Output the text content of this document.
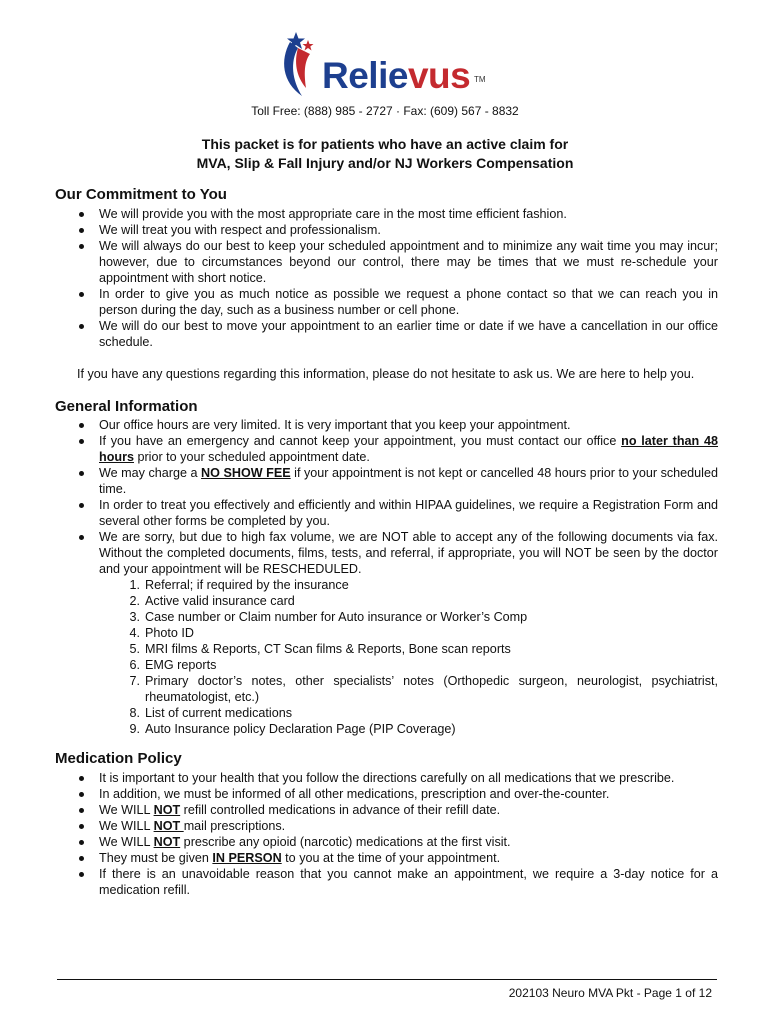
Relievus TM
Toll Free: (888) 985 - 2727 · Fax: (609) 567 - 8832
This packet is for patients who have an active claim for
MVA, Slip & Fall Injury and/or NJ Workers Compensation
Our Commitment to You
We will provide you with the most appropriate care in the most time efficient fashion.
We will treat you with respect and professionalism.
We will always do our best to keep your scheduled appointment and to minimize any wait time you may incur; however, due to circumstances beyond our control, there may be times that we must re-schedule your appointment with short notice.
In order to give you as much notice as possible we request a phone contact so that we can reach you in person during the day, such as a business number or cell phone.
We will do our best to move your appointment to an earlier time or date if we have a cancellation in our office schedule.
If you have any questions regarding this information, please do not hesitate to ask us. We are here to help you.
General Information
Our office hours are very limited. It is very important that you keep your appointment.
If you have an emergency and cannot keep your appointment, you must contact our office no later than 48 hours prior to your scheduled appointment date.
We may charge a NO SHOW FEE if your appointment is not kept or cancelled 48 hours prior to your scheduled time.
In order to treat you effectively and efficiently and within HIPAA guidelines, we require a Registration Form and several other forms be completed by you.
We are sorry, but due to high fax volume, we are NOT able to accept any of the following documents via fax. Without the completed documents, films, tests, and referral, if appropriate, you will NOT be seen by the doctor and your appointment will be RESCHEDULED.
1. Referral; if required by the insurance
2. Active valid insurance card
3. Case number or Claim number for Auto insurance or Worker’s Comp
4. Photo ID
5. MRI films & Reports, CT Scan films & Reports, Bone scan reports
6. EMG reports
7. Primary doctor’s notes, other specialists’ notes (Orthopedic surgeon, neurologist, psychiatrist, rheumatologist, etc.)
8. List of current medications
9. Auto Insurance policy Declaration Page (PIP Coverage)
Medication Policy
It is important to your health that you follow the directions carefully on all medications that we prescribe.
In addition, we must be informed of all other medications, prescription and over-the-counter.
We WILL NOT refill controlled medications in advance of their refill date.
We WILL NOT mail prescriptions.
We WILL NOT prescribe any opioid (narcotic) medications at the first visit.
They must be given IN PERSON to you at the time of your appointment.
If there is an unavoidable reason that you cannot make an appointment, we require a 3-day notice for a medication refill.
202103 Neuro MVA Pkt - Page 1 of 12
